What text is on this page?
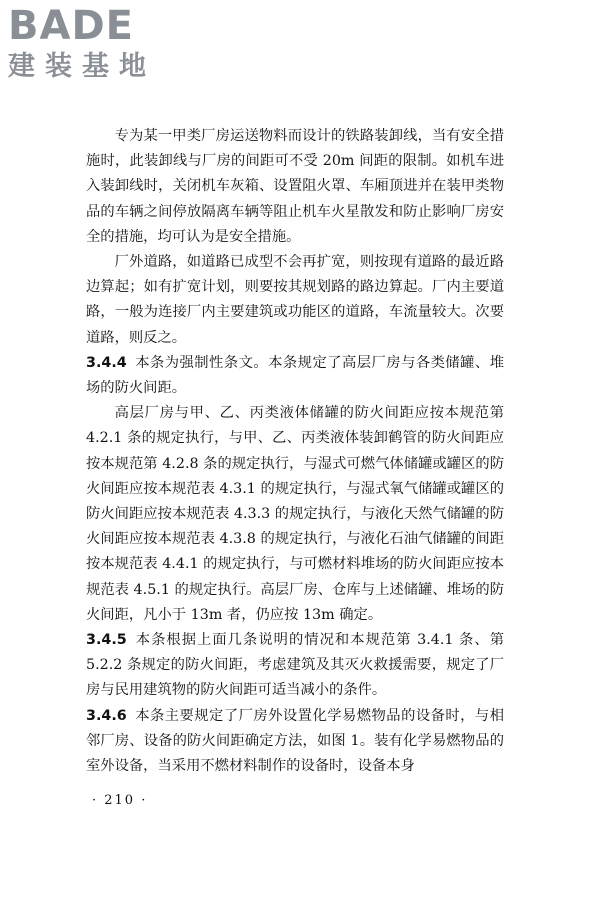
BADE
建装基地

专为某一甲类厂房运送物料而设计的铁路装卸线，当有安全措施时，此装卸线与厂房的间距可不受 20m 间距的限制。如机车进入装卸线时，关闭机车灰箱、设置阻火罩、车厢顶进并在装甲类物品的车辆之间停放隔离车辆等阻止机车火星散发和防止影响厂房安全的措施，均可认为是安全措施。

厂外道路，如道路已成型不会再扩宽，则按现有道路的最近路边算起；如有扩宽计划，则要按其规划路的路边算起。厂内主要道路，一般为连接厂内主要建筑或功能区的道路，车流量较大。次要道路，则反之。

3.4.4 本条为强制性条文。本条规定了高层厂房与各类储罐、堆场的防火间距。

高层厂房与甲、乙、丙类液体储罐的防火间距应按本规范第 4.2.1 条的规定执行，与甲、乙、丙类液体装卸鹤管的防火间距应按本规范第 4.2.8 条的规定执行，与湿式可燃气体储罐或罐区的防火间距应按本规范表 4.3.1 的规定执行，与湿式氧气储罐或罐区的防火间距应按本规范表 4.3.3 的规定执行，与液化天然气储罐的防火间距应按本规范表 4.3.8 的规定执行，与液化石油气储罐的间距按本规范表 4.4.1 的规定执行，与可燃材料堆场的防火间距应按本规范表 4.5.1 的规定执行。高层厂房、仓库与上述储罐、堆场的防火间距，凡小于 13m 者，仍应按 13m 确定。

3.4.5 本条根据上面几条说明的情况和本规范第 3.4.1 条、第 5.2.2 条规定的防火间距，考虑建筑及其灭火救援需要，规定了厂房与民用建筑物的防火间距可适当减小的条件。

3.4.6 本条主要规定了厂房外设置化学易燃物品的设备时，与相邻厂房、设备的防火间距确定方法，如图 1。装有化学易燃物品的室外设备，当采用不燃材料制作的设备时，设备本身

· 210 ·
